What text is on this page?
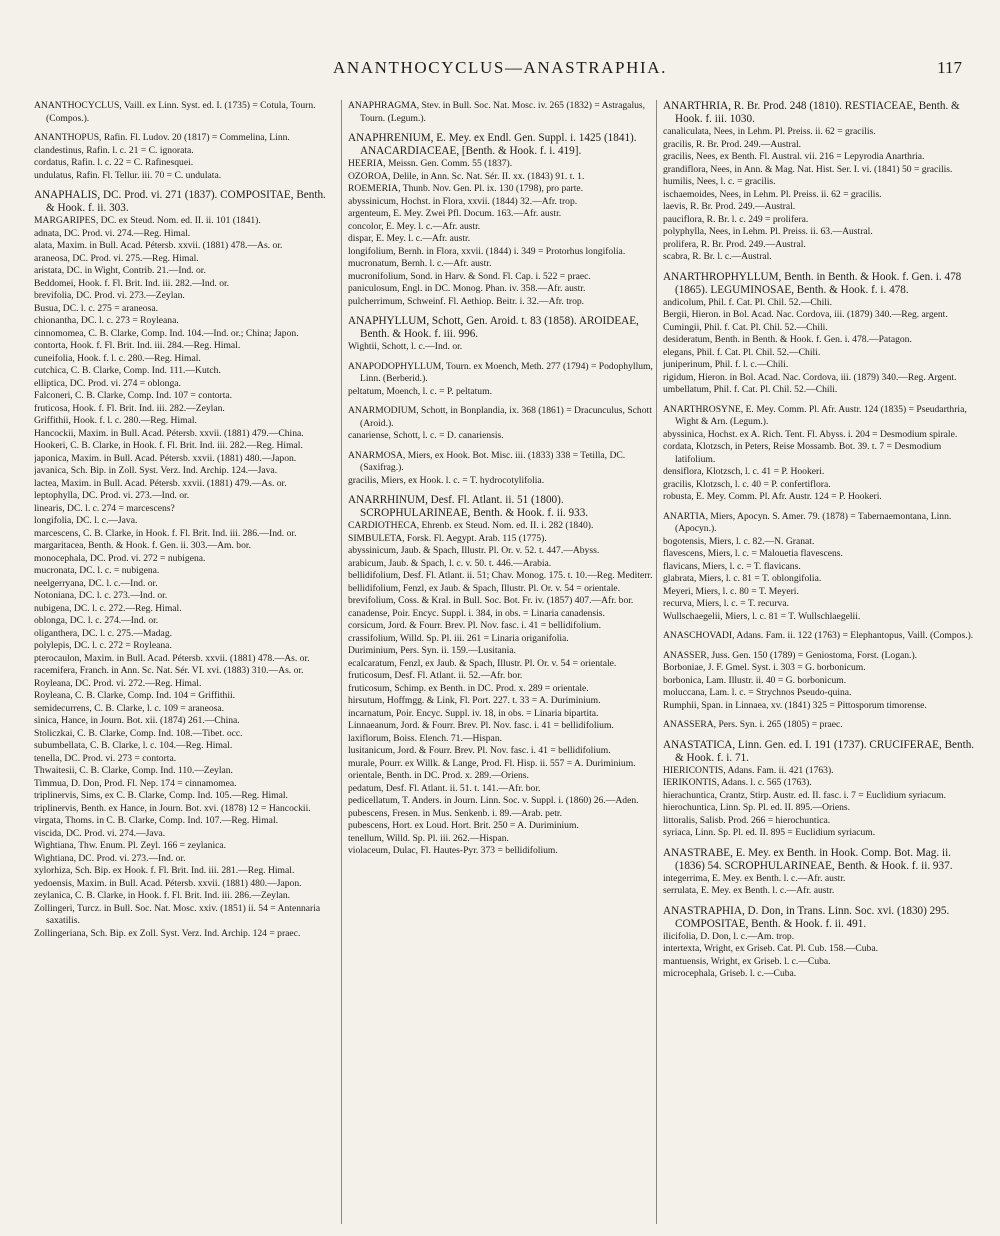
ANANTHOCYCLUS—ANASTRAPHIA.	117

ANANTHOCYCLUS, Vaill. ex Linn. Syst. ed. I. (1735) = Cotula, Tourn. (Compos.).

ANANTHOPUS, Rafin. Fl. Ludov. 20 (1817) = Commelina, Linn.

clandestinus, Rafin. l. c. 21 = C. ignorata.

cordatus, Rafin. l. c. 22 = C. Rafinesquei.

undulatus, Rafin. Fl. Tellur. iii. 70 = C. undulata.

ANAPHALIS, DC. Prod. vi. 271 (1837). COMPOSITAE, Benth. & Hook. f. ii. 303.

MARGARIPES, DC. ex Steud. Nom. ed. II. ii. 101 (1841).

adnata, DC. Prod. vi. 274.—Reg. Himal.

alata, Maxim. in Bull. Acad. Pétersb. xxvii. (1881) 478.—As. or.

araneosa, DC. Prod. vi. 275.—Reg. Himal.

aristata, DC. in Wight, Contrib. 21.—Ind. or.

Beddomei, Hook. f. Fl. Brit. Ind. iii. 282.—Ind. or.

brevifolia, DC. Prod. vi. 273.—Zeylan.

Busua, DC. l. c. 275 = araneosa.

chionantha, DC. l. c. 273 = Royleana.

cinnomomea, C. B. Clarke, Comp. Ind. 104.—Ind. or.; China; Japon.

contorta, Hook. f. Fl. Brit. Ind. iii. 284.—Reg. Himal.

cuneifolia, Hook. f. l. c. 280.—Reg. Himal.

cutchica, C. B. Clarke, Comp. Ind. 111.—Kutch.

elliptica, DC. Prod. vi. 274 = oblonga.

Falconeri, C. B. Clarke, Comp. Ind. 107 = contorta.

fruticosa, Hook. f. Fl. Brit. Ind. iii. 282.—Zeylan.

Griffithii, Hook. f. l. c. 280.—Reg. Himal.

Hancockii, Maxim. in Bull. Acad. Pétersb. xxvii. (1881) 479.—China.

Hookeri, C. B. Clarke, in Hook. f. Fl. Brit. Ind. iii. 282.—Reg. Himal.

japonica, Maxim. in Bull. Acad. Pétersb. xxvii. (1881) 480.—Japon.

javanica, Sch. Bip. in Zoll. Syst. Verz. Ind. Archip. 124.—Java.

lactea, Maxim. in Bull. Acad. Pétersb. xxvii. (1881) 479.—As. or.

leptophylla, DC. Prod. vi. 273.—Ind. or.

linearis, DC. l. c. 274 = marcescens?

longifolia, DC. l. c.—Java.

marcescens, C. B. Clarke, in Hook. f. Fl. Brit. Ind. iii. 286.—Ind. or.

margaritacea, Benth. & Hook. f. Gen. ii. 303.—Am. bor.

monocephala, DC. Prod. vi. 272 = nubigena.

mucronata, DC. l. c. = nubigena.

neelgerryana, DC. l. c.—Ind. or.

Notoniana, DC. l. c. 273.—Ind. or.

nubigena, DC. l. c. 272.—Reg. Himal.

oblonga, DC. l. c. 274.—Ind. or.

oliganthera, DC. l. c. 275.—Madag.

polylepis, DC. l. c. 272 = Royleana.

pterocaulon, Maxim. in Bull. Acad. Pétersb. xxvii. (1881) 478.—As. or.

racemifera, Franch. in Ann. Sc. Nat. Sér. VI. xvi. (1883) 310.—As. or.

Royleana, DC. Prod. vi. 272.—Reg. Himal.

Royleana, C. B. Clarke, Comp. Ind. 104 = Griffithii.

semidecurrens, C. B. Clarke, l. c. 109 = araneosa.

sinica, Hance, in Journ. Bot. xii. (1874) 261.—China.

Stoliczkai, C. B. Clarke, Comp. Ind. 108.—Tibet. occ.

subumbellata, C. B. Clarke, l. c. 104.—Reg. Himal.

tenella, DC. Prod. vi. 273 = contorta.

Thwaitesii, C. B. Clarke, Comp. Ind. 110.—Zeylan.

Timmua, D. Don, Prod. Fl. Nep. 174 = cinnamomea.

triplinervis, Sims, ex C. B. Clarke, Comp. Ind. 105.—Reg. Himal.

triplinervis, Benth. ex Hance, in Journ. Bot. xvi. (1878) 12 = Hancockii.

virgata, Thoms. in C. B. Clarke, Comp. Ind. 107.—Reg. Himal.

viscida, DC. Prod. vi. 274.—Java.

Wightiana, Thw. Enum. Pl. Zeyl. 166 = zeylanica.

Wightiana, DC. Prod. vi. 273.—Ind. or.

xylorhiza, Sch. Bip. ex Hook. f. Fl. Brit. Ind. iii. 281.—Reg. Himal.

yedoensis, Maxim. in Bull. Acad. Pétersb. xxvii. (1881) 480.—Japon.

zeylanica, C. B. Clarke, in Hook. f. Fl. Brit. Ind. iii. 286.—Zeylan.

Zollingeri, Turcz. in Bull. Soc. Nat. Mosc. xxiv. (1851) ii. 54 = Antennaria saxatilis.

Zollingeriana, Sch. Bip. ex Zoll. Syst. Verz. Ind. Archip. 124 = praec.

ANAPHRAGMA, Stev. in Bull. Soc. Nat. Mosc. iv. 265 (1832) = Astragalus, Tourn. (Legum.).

ANAPHRENIUM, E. Mey. ex Endl. Gen. Suppl. i. 1425 (1841). ANACARDIACEAE, [Benth. & Hook. f. i. 419].

HEERIA, Meissn. Gen. Comm. 55 (1837).

OZOROA, Delile, in Ann. Sc. Nat. Sér. II. xx. (1843) 91. t. 1.

ROEMERIA, Thunb. Nov. Gen. Pl. ix. 130 (1798), pro parte.

abyssinicum, Hochst. in Flora, xxvii. (1844) 32.—Afr. trop.

argenteum, E. Mey. Zwei Pfl. Docum. 163.—Afr. austr.

concolor, E. Mey. l. c.—Afr. austr.

dispar, E. Mey. l. c.—Afr. austr.

longifolium, Bernh. in Flora, xxvii. (1844) i. 349 = Protorhus longifolia.

mucronatum, Bernh. l. c.—Afr. austr.

mucronifolium, Sond. in Harv. & Sond. Fl. Cap. i. 522 = praec.

paniculosum, Engl. in DC. Monog. Phan. iv. 358.—Afr. austr.

pulcherrimum, Schweinf. Fl. Aethiop. Beitr. i. 32.—Afr. trop.

ANAPHYLLUM, Schott, Gen. Aroid. t. 83 (1858). AROIDEAE, Benth. & Hook. f. iii. 996.

Wightii, Schott, l. c.—Ind. or.

ANAPODOPHYLLUM, Tourn. ex Moench, Meth. 277 (1794) = Podophyllum, Linn. (Berberid.).

peltatum, Moench, l. c. = P. peltatum.

ANARMODIUM, Schott, in Bonplandia, ix. 368 (1861) = Dracunculus, Schott (Aroid.).

canariense, Schott, l. c. = D. canariensis.

ANARMOSA, Miers, ex Hook. Bot. Misc. iii. (1833) 338 = Tetilla, DC. (Saxifrag.).

gracilis, Miers, ex Hook. l. c. = T. hydrocotylifolia.

ANARRHINUM, Desf. Fl. Atlant. ii. 51 (1800). SCROPHULARINEAE, Benth. & Hook. f. ii. 933.

CARDIOTHECA, Ehrenb. ex Steud. Nom. ed. II. i. 282 (1840).

SIMBULETA, Forsk. Fl. Aegypt. Arab. 115 (1775).

abyssinicum, Jaub. & Spach, Illustr. Pl. Or. v. 52. t. 447.—Abyss.

arabicum, Jaub. & Spach, l. c. v. 50. t. 446.—Arabia.

bellidifolium, Desf. Fl. Atlant. ii. 51; Chav. Monog. 175. t. 10.—Reg. Mediterr.

bellidifolium, Fenzl, ex Jaub. & Spach, Illustr. Pl. Or. v. 54 = orientale.

brevifolium, Coss. & Kral. in Bull. Soc. Bot. Fr. iv. (1857) 407.—Afr. bor.

canadense, Poir. Encyc. Suppl. i. 384, in obs. = Linaria canadensis.

corsicum, Jord. & Fourr. Brev. Pl. Nov. fasc. i. 41 = bellidifolium.

crassifolium, Willd. Sp. Pl. iii. 261 = Linaria origanifolia.

Duriminium, Pers. Syn. ii. 159.—Lusitania.

ecalcaratum, Fenzl, ex Jaub. & Spach, Illustr. Pl. Or. v. 54 = orientale.

fruticosum, Desf. Fl. Atlant. ii. 52.—Afr. bor.

fruticosum, Schimp. ex Benth. in DC. Prod. x. 289 = orientale.

hirsutum, Hoffmgg. & Link, Fl. Port. 227. t. 33 = A. Duriminium.

incarnatum, Poir. Encyc. Suppl. iv. 18, in obs. = Linaria bipartita.

Linnaeanum, Jord. & Fourr. Brev. Pl. Nov. fasc. i. 41 = bellidifolium.

laxiflorum, Boiss. Elench. 71.—Hispan.

lusitanicum, Jord. & Fourr. Brev. Pl. Nov. fasc. i. 41 = bellidifolium.

murale, Pourr. ex Willk. & Lange, Prod. Fl. Hisp. ii. 557 = A. Duriminium.

orientale, Benth. in DC. Prod. x. 289.—Oriens.

pedatum, Desf. Fl. Atlant. ii. 51. t. 141.—Afr. bor.

pedicellatum, T. Anders. in Journ. Linn. Soc. v. Suppl. i. (1860) 26.—Aden.

pubescens, Fresen. in Mus. Senkenb. i. 89.—Arab. petr.

pubescens, Hort. ex Loud. Hort. Brit. 250 = A. Duriminium.

tenellum, Willd. Sp. Pl. iii. 262.—Hispan.

violaceum, Dulac, Fl. Hautes-Pyr. 373 = bellidifolium.

ANARTHRIA, R. Br. Prod. 248 (1810). RESTIACEAE, Benth. & Hook. f. iii. 1030.

canaliculata, Nees, in Lehm. Pl. Preiss. ii. 62 = gracilis.

gracilis, R. Br. Prod. 249.—Austral.

gracilis, Nees, ex Benth. Fl. Austral. vii. 216 = Lepyrodia Anarthria.

grandiflora, Nees, in Ann. & Mag. Nat. Hist. Ser. I. vi. (1841) 50 = gracilis.

humilis, Nees, l. c. = gracilis.

ischaemoides, Nees, in Lehm. Pl. Preiss. ii. 62 = gracilis.

laevis, R. Br. Prod. 249.—Austral.

pauciflora, R. Br. l. c. 249 = prolifera.

polyphylla, Nees, in Lehm. Pl. Preiss. ii. 63.—Austral.

prolifera, R. Br. Prod. 249.—Austral.

scabra, R. Br. l. c.—Austral.

ANARTHROPHYLLUM, Benth. in Benth. & Hook. f. Gen. i. 478 (1865). LEGUMINOSAE, Benth. & Hook. f. i. 478.

andicolum, Phil. f. Cat. Pl. Chil. 52.—Chili.

Bergii, Hieron. in Bol. Acad. Nac. Cordova, iii. (1879) 340.—Reg. argent.

Cumingii, Phil. f. Cat. Pl. Chil. 52.—Chili.

desideratum, Benth. in Benth. & Hook. f. Gen. i. 478.—Patagon.

elegans, Phil. f. Cat. Pl. Chil. 52.—Chili.

juniperinum, Phil. f. l. c.—Chili.

rigidum, Hieron. in Bol. Acad. Nac. Cordova, iii. (1879) 340.—Reg. Argent.

umbellatum, Phil. f. Cat. Pl. Chil. 52.—Chili.

ANARTHROSYNE, E. Mey. Comm. Pl. Afr. Austr. 124 (1835) = Pseudarthria, Wight & Arn. (Legum.).

abyssinica, Hochst. ex A. Rich. Tent. Fl. Abyss. i. 204 = Desmodium spirale.

cordata, Klotzsch, in Peters, Reise Mossamb. Bot. 39. t. 7 = Desmodium latifolium.

densiflora, Klotzsch, l. c. 41 = P. Hookeri.

gracilis, Klotzsch, l. c. 40 = P. confertiflora.

robusta, E. Mey. Comm. Pl. Afr. Austr. 124 = P. Hookeri.

ANARTIA, Miers, Apocyn. S. Amer. 79. (1878) = Tabernaemontana, Linn. (Apocyn.).

bogotensis, Miers, l. c. 82.—N. Granat.

flavescens, Miers, l. c. = Malouetia flavescens.

flavicans, Miers, l. c. = T. flavicans.

glabrata, Miers, l. c. 81 = T. oblongifolia.

Meyeri, Miers, l. c. 80 = T. Meyeri.

recurva, Miers, l. c. = T. recurva.

Wullschaegelii, Miers, l. c. 81 = T. Wullschlaegelii.

ANASCHOVADI, Adans. Fam. ii. 122 (1763) = Elephantopus, Vaill. (Compos.).

ANASSER, Juss. Gen. 150 (1789) = Geniostoma, Forst. (Logan.).

Borboniae, J. F. Gmel. Syst. i. 303 = G. borbonicum.

borbonica, Lam. Illustr. ii. 40 = G. borbonicum.

moluccana, Lam. l. c. = Strychnos Pseudo-quina.

Rumphii, Span. in Linnaea, xv. (1841) 325 = Pittosporum timorense.

ANASSERA, Pers. Syn. i. 265 (1805) = praec.

ANASTATICA, Linn. Gen. ed. I. 191 (1737). CRUCIFERAE, Benth. & Hook. f. i. 71.

HIERICONTIS, Adans. Fam. ii. 421 (1763).

IERIKONTIS, Adans. l. c. 565 (1763).

hierachuntica, Crantz, Stirp. Austr. ed. II. fasc. i. 7 = Euclidium syriacum.

hierochuntica, Linn. Sp. Pl. ed. II. 895.—Oriens.

littoralis, Salisb. Prod. 266 = hierochuntica.

syriaca, Linn. Sp. Pl. ed. II. 895 = Euclidium syriacum.

ANASTRABE, E. Mey. ex Benth. in Hook. Comp. Bot. Mag. ii. (1836) 54. SCROPHULARINEAE, Benth. & Hook. f. ii. 937.

integerrima, E. Mey. ex Benth. l. c.—Afr. austr.

serrulata, E. Mey. ex Benth. l. c.—Afr. austr.

ANASTRAPHIA, D. Don, in Trans. Linn. Soc. xvi. (1830) 295. COMPOSITAE, Benth. & Hook. f. ii. 491.

ilicifolia, D. Don, l. c.—Am. trop.

intertexta, Wright, ex Griseb. Cat. Pl. Cub. 158.—Cuba.

mantuensis, Wright, ex Griseb. l. c.—Cuba.

microcephala, Griseb. l. c.—Cuba.
